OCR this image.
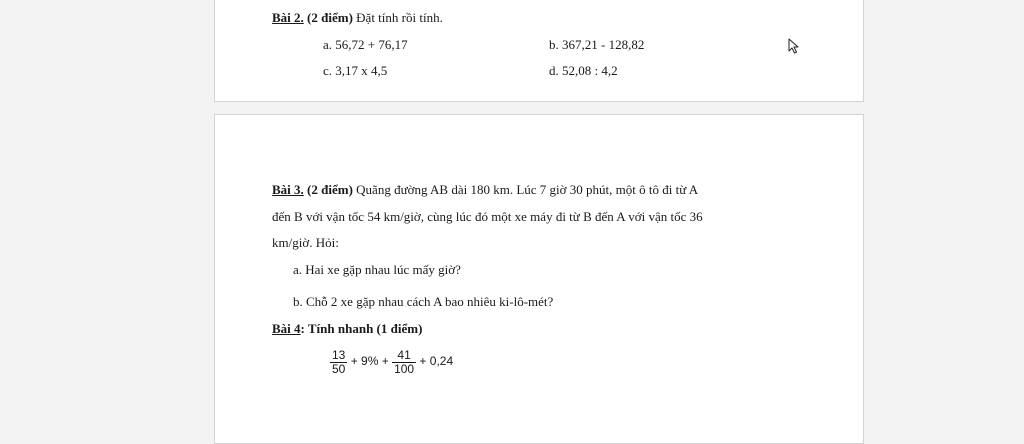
Bài 2. (2 điểm) Đặt tính rồi tính.
a. 56,72 + 76,17	b. 367,21 - 128,82
c. 3,17 x 4,5	d. 52,08 : 4,2
Bài 3. (2 điểm) Quãng đường AB dài 180 km. Lúc 7 giờ 30 phút, một ô tô đi từ A
đến B với vận tốc 54 km/giờ, cùng lúc đó một xe máy đi từ B đến A với vận tốc 36
km/giờ. Hỏi:
a. Hai xe gặp nhau lúc mấy giờ?
b. Chỗ 2 xe gặp nhau cách A bao nhiêu ki-lô-mét?
Bài 4: Tính nhanh (1 điểm)
$\frac{13}{50} + 9\% + \frac{41}{100} + 0,24$
